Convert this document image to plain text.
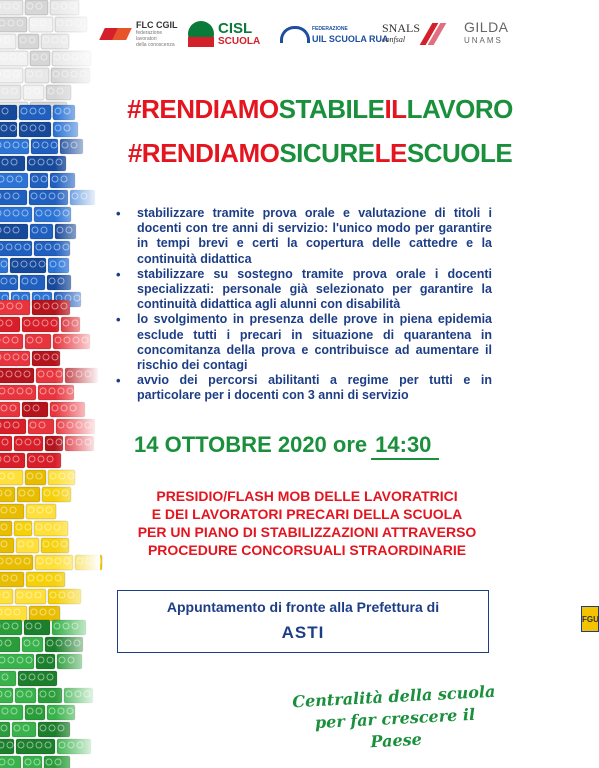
FLC CGIL
federazione
lavoratori
della conoscenza
CISL
SCUOLA
FEDERAZIONE
UIL SCUOLA RUA
SNALS
confsal
FGU
GILDA
UNAMS
#RENDIAMOSTABILEILLAVORO
#RENDIAMOSICURELESCUOLE
• stabilizzare tramite prova orale e valutazione di titoli i docenti con tre anni di servizio: l'unico modo per garantire in tempi brevi e certi la copertura delle cattedre e la continuità didattica
• stabilizzare su sostegno tramite prova orale i docenti specializzati: personale già selezionato per garantire la continuità didattica agli alunni con disabilità
• lo svolgimento in presenza delle prove in piena epidemia esclude tutti i precari in situazione di quarantena in concomitanza della prova e contribuisce ad aumentare il rischio dei contagi
• avvio dei percorsi abilitanti a regime per tutti e in particolare per i docenti con 3 anni di servizio
14 OTTOBRE 2020 ore 14:30
PRESIDIO/FLASH MOB DELLE LAVORATRICI
E DEI LAVORATORI PRECARI DELLA SCUOLA
PER UN PIANO DI STABILIZZAZIONI ATTRAVERSO
PROCEDURE CONCORSUALI STRAORDINARIE
Appuntamento di fronte alla Prefettura di
ASTI
Centralità della scuola
per far crescere il Paese
